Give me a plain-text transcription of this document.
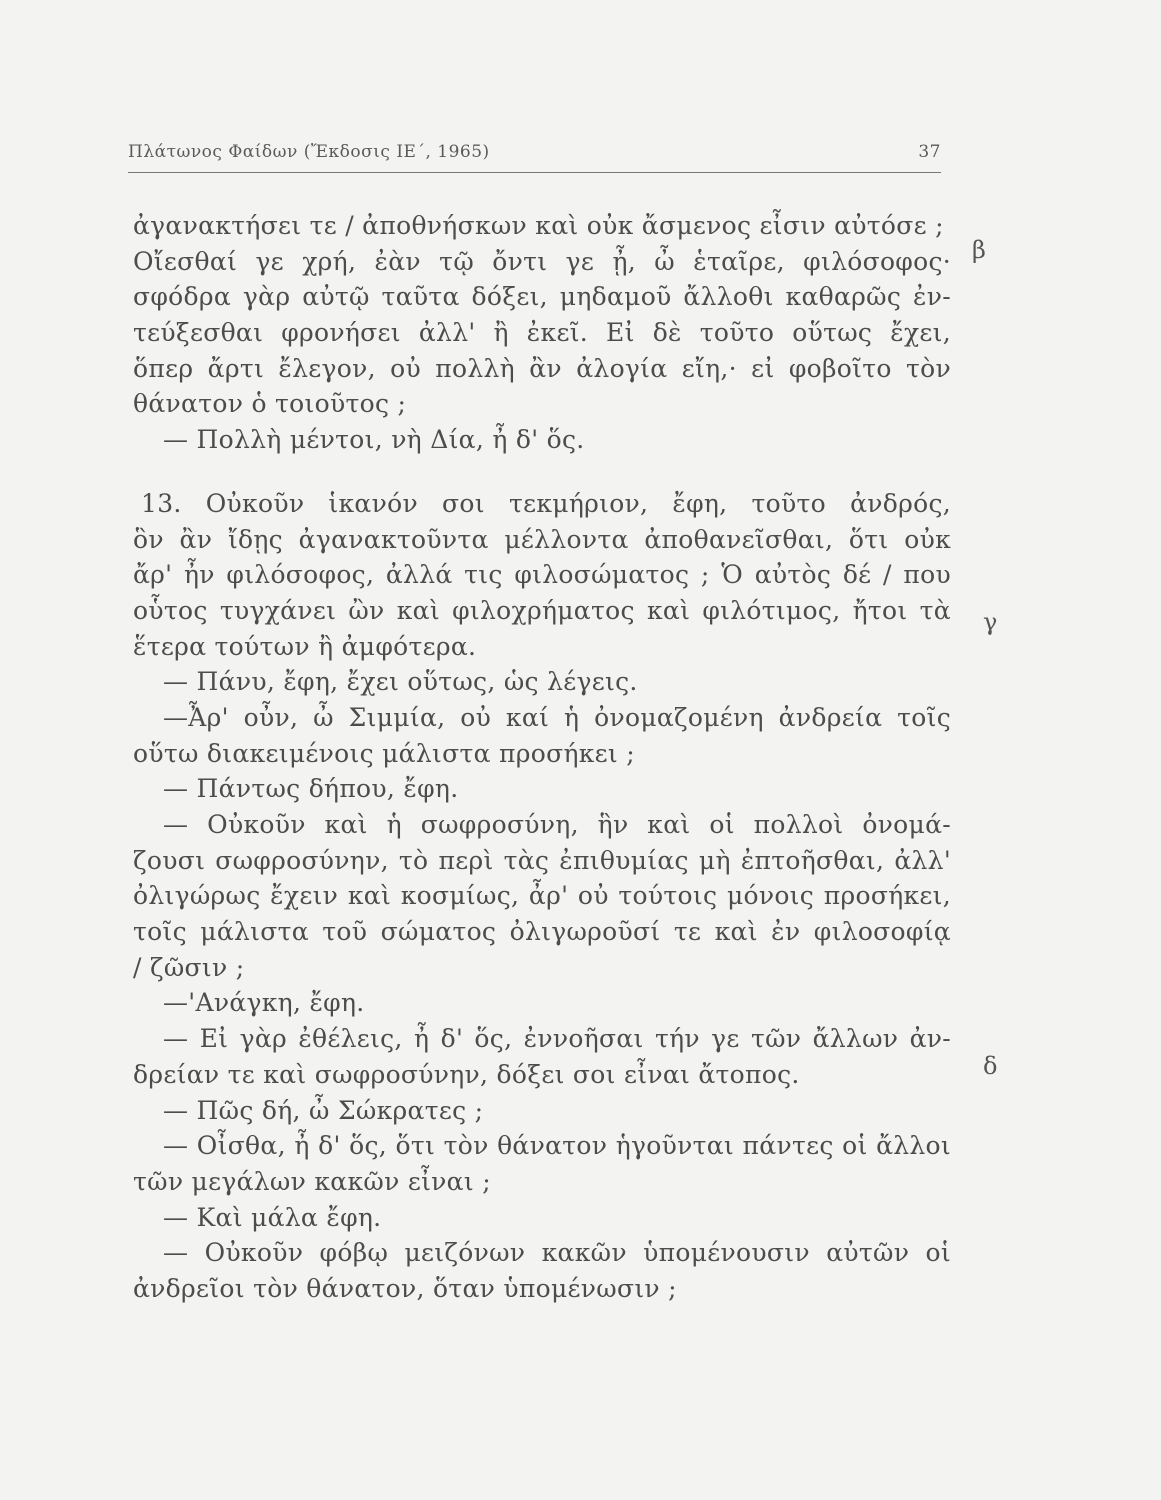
Πλάτωνος Φαίδων (Ἔκδοσις ΙΕ΄, 1965)	37
β
γ
δ
ἀγανακτήσει τε / ἀποθνήσκων καὶ οὐκ ἄσμενος εἶσιν αὐτόσε ;
Οἴεσθαί γε χρή, ἐὰν τῷ ὄντι γε ᾖ, ὦ ἑταῖρε, φιλόσοφος·
σφόδρα γὰρ αὐτῷ ταῦτα δόξει, μηδαμοῦ ἄλλοθι καθαρῶς ἐν-
τεύξεσθαι φρονήσει ἀλλ' ἢ ἐκεῖ. Εἰ δὲ τοῦτο οὕτως ἔχει,
ὅπερ ἄρτι ἔλεγον, οὐ πολλὴ ἂν ἀλογία εἴη,· εἰ φοβοῖτο τὸν
θάνατον ὁ τοιοῦτος ;
— Πολλὴ μέντοι, νὴ Δία, ἦ δ' ὅς.
13. Οὐκοῦν ἱκανόν σοι τεκμήριον, ἔφη, τοῦτο ἀνδρός,
ὃν ἂν ἴδῃς ἀγανακτοῦντα μέλλοντα ἀποθανεῖσθαι, ὅτι οὐκ
ἄρ' ἦν φιλόσοφος, ἀλλά τις φιλοσώματος ; Ὁ αὐτὸς δέ / που
οὗτος τυγχάνει ὢν καὶ φιλοχρήματος καὶ φιλότιμος, ἤτοι τὰ
ἕτερα τούτων ἢ ἀμφότερα.
— Πάνυ, ἔφη, ἔχει οὕτως, ὡς λέγεις.
—Ἆρ' οὖν, ὦ Σιμμία, οὐ καί ἡ ὀνομαζομένη ἀνδρεία τοῖς
οὕτω διακειμένοις μάλιστα προσήκει ;
— Πάντως δήπου, ἔφη.
— Οὐκοῦν καὶ ἡ σωφροσύνη, ἣν καὶ οἱ πολλοὶ ὀνομά-
ζουσι σωφροσύνην, τὸ περὶ τὰς ἐπιθυμίας μὴ ἐπτοῆσθαι, ἀλλ'
ὀλιγώρως ἔχειν καὶ κοσμίως, ἆρ' οὐ τούτοις μόνοις προσήκει,
τοῖς μάλιστα τοῦ σώματος ὀλιγωροῦσί τε καὶ ἐν φιλοσοφίᾳ
/ ζῶσιν ;
—'Ανάγκη, ἔφη.
— Εἰ γὰρ ἐθέλεις, ἦ δ' ὅς, ἐννοῆσαι τήν γε τῶν ἄλλων ἀν-
δρείαν τε καὶ σωφροσύνην, δόξει σοι εἶναι ἄτοπος.
— Πῶς δή, ὦ Σώκρατες ;
— Οἶσθα, ἦ δ' ὅς, ὅτι τὸν θάνατον ἡγοῦνται πάντες οἱ ἄλλοι
τῶν μεγάλων κακῶν εἶναι ;
— Καὶ μάλα ἔφη.
— Οὐκοῦν φόβῳ μειζόνων κακῶν ὑπομένουσιν αὐτῶν οἱ
ἀνδρεῖοι τὸν θάνατον, ὅταν ὑπομένωσιν ;
